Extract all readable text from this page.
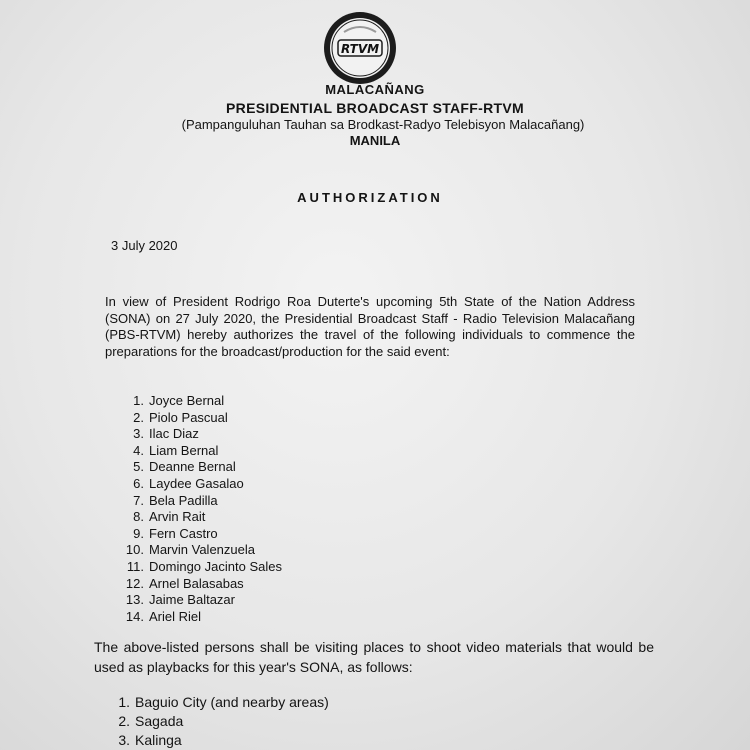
RTVM

MALACAÑANG

PRESIDENTIAL BROADCAST STAFF-RTVM

(Pampanguluhan Tauhan sa Brodkast-Radyo Telebisyon Malacañang)

MANILA

AUTHORIZATION

3 July 2020

In view of President Rodrigo Roa Duterte's upcoming 5th State of the Nation Address (SONA) on 27 July 2020, the Presidential Broadcast Staff - Radio Television Malacañang (PBS-RTVM) hereby authorizes the travel of the following individuals to commence the preparations for the broadcast/production for the said event:

1. Joyce Bernal
2. Piolo Pascual
3. Ilac Diaz
4. Liam Bernal
5. Deanne Bernal
6. Laydee Gasalao
7. Bela Padilla
8. Arvin Rait
9. Fern Castro
10. Marvin Valenzuela
11. Domingo Jacinto Sales
12. Arnel Balasabas
13. Jaime Baltazar
14. Ariel Riel

The above-listed persons shall be visiting places to shoot video materials that would be used as playbacks for this year's SONA, as follows:

1. Baguio City (and nearby areas)
2. Sagada
3. Kalinga
